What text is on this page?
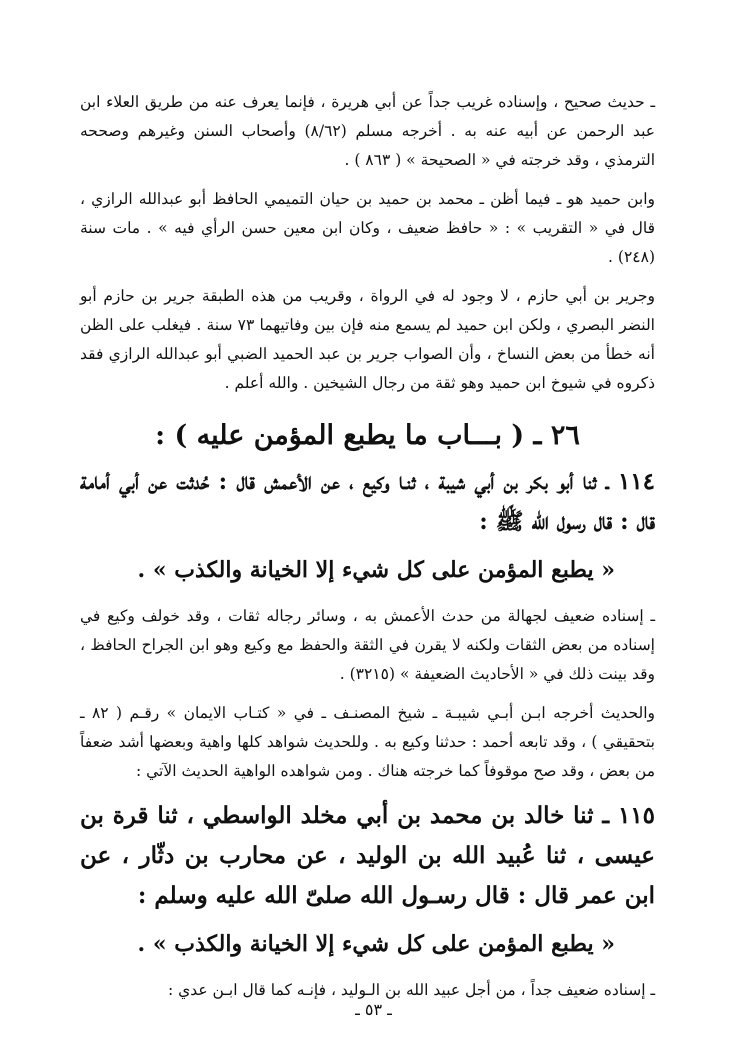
ـ حديث صحيح ، وإسناده غريب جداً عن أبي هريرة ، فإنما يعرف عنه من طريق العلاء ابن عبد الرحمن عن أبيه عنه به . أخرجه مسلم (٨/٦٢) وأصحاب السنن وغيرهم وصححه الترمذي ، وقد خرجته في « الصحيحة » ( ٨٦٣ ) .

وابن حميد هو ـ فيما أظن ـ محمد بن حميد بن حيان التميمي الحافظ أبو عبدالله الرازي ، قال في « التقريب » : « حافظ ضعيف ، وكان ابن معين حسن الرأي فيه » . مات سنة (٢٤٨) .

وجرير بن أبي حازم ، لا وجود له في الرواة ، وقريب من هذه الطبقة جرير بن حازم أبو النضر البصري ، ولكن ابن حميد لم يسمع منه فإن بين وفاتيهما ٧٣ سنة . فيغلب على الظن أنه خطأ من بعض النساخ ، وأن الصواب جرير بن عبد الحميد الضبي أبو عبدالله الرازي فقد ذكروه في شيوخ ابن حميد وهو ثقة من رجال الشيخين . والله أعلم .

٢٦ ـ ( بـــاب ما يطبع المؤمن عليه ) :

١١٤ ـ ثنا أبو بكر بن أبي شيبة ، ثنـا وكيع ، عن الأعمش قال : حُدثت عن أبي أمامة قال : قال رسول الله ﷺ :

« يطبع المؤمن على كل شيء إلا الخيانة والكذب » .

ـ إسناده ضعيف لجهالة من حدث الأعمش به ، وسائر رجاله ثقات ، وقد خولف وكيع في إسناده من بعض الثقات ولكنه لا يقرن في الثقة والحفظ مع وكيع وهو ابن الجراح الحافظ ، وقد بينت ذلك في « الأحاديث الضعيفة » (٣٢١٥) .

والحديث أخرجه ابـن أبـي شيبـة ـ شيخ المصنـف ـ في « كتـاب الايمان » رقـم ( ٨٢ ـ بتحقيقي ) ، وقد تابعه أحمد : حدثنا وكيع به . وللحديث شواهد كلها واهية وبعضها أشد ضعفاً من بعض ، وقد صح موقوفاً كما خرجته هناك . ومن شواهده الواهية الحديث الآتي :

١١٥ ـ ثنا خالد بن محمد بن أبي مخلد الواسطي ، ثنا قرة بن عيسى ، ثنا عُبيد الله بن الوليد ، عن محارب بن دثّار ، عن ابن عمر قال : قال رسـول الله صلىّ الله عليه وسلم :

« يطبع المؤمن على كل شيء إلا الخيانة والكذب » .

ـ إسناده ضعيف جداً ، من أجل عبيد الله بن الـوليد ، فإنـه كما قال ابـن عدي :

ـ ٥٣ ـ
